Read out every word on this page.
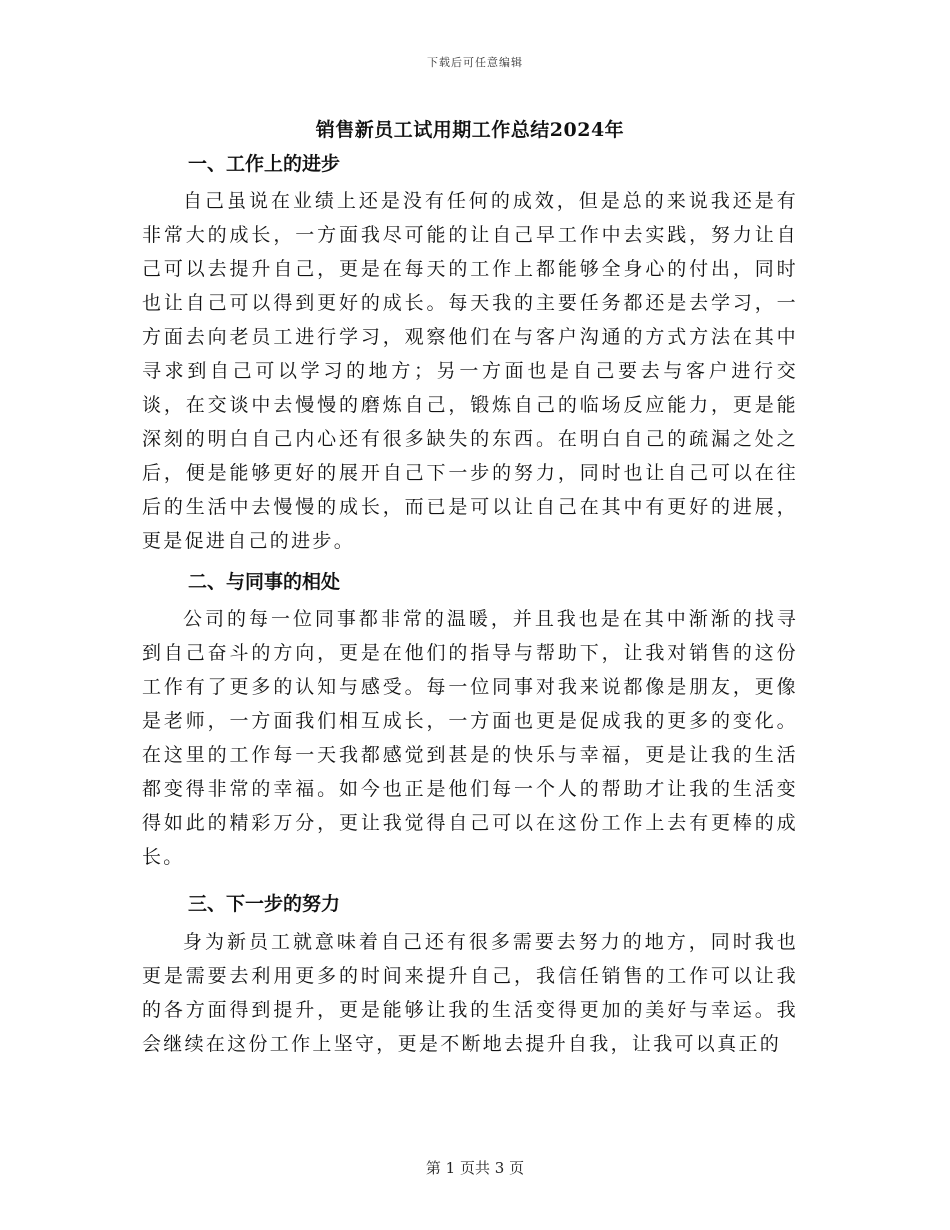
下载后可任意编辑
销售新员工试用期工作总结2024年
一、工作上的进步

自己虽说在业绩上还是没有任何的成效，但是总的来说我还是有非常大的成长，一方面我尽可能的让自己早工作中去实践，努力让自己可以去提升自己，更是在每天的工作上都能够全身心的付出，同时也让自己可以得到更好的成长。每天我的主要任务都还是去学习，一方面去向老员工进行学习，观察他们在与客户沟通的方式方法在其中寻求到自己可以学习的地方；另一方面也是自己要去与客户进行交谈，在交谈中去慢慢的磨炼自己，锻炼自己的临场反应能力，更是能深刻的明白自己内心还有很多缺失的东西。在明白自己的疏漏之处之后，便是能够更好的展开自己下一步的努力，同时也让自己可以在往后的生活中去慢慢的成长，而已是可以让自己在其中有更好的进展，更是促进自己的进步。

二、与同事的相处

公司的每一位同事都非常的温暖，并且我也是在其中渐渐的找寻到自己奋斗的方向，更是在他们的指导与帮助下，让我对销售的这份工作有了更多的认知与感受。每一位同事对我来说都像是朋友，更像是老师，一方面我们相互成长，一方面也更是促成我的更多的变化。在这里的工作每一天我都感觉到甚是的快乐与幸福，更是让我的生活都变得非常的幸福。如今也正是他们每一个人的帮助才让我的生活变得如此的精彩万分，更让我觉得自己可以在这份工作上去有更棒的成长。

三、下一步的努力

身为新员工就意味着自己还有很多需要去努力的地方，同时我也更是需要去利用更多的时间来提升自己，我信任销售的工作可以让我的各方面得到提升，更是能够让我的生活变得更加的美好与幸运。我会继续在这份工作上坚守，更是不断地去提升自我，让我可以真正的

第 1 页共 3 页
